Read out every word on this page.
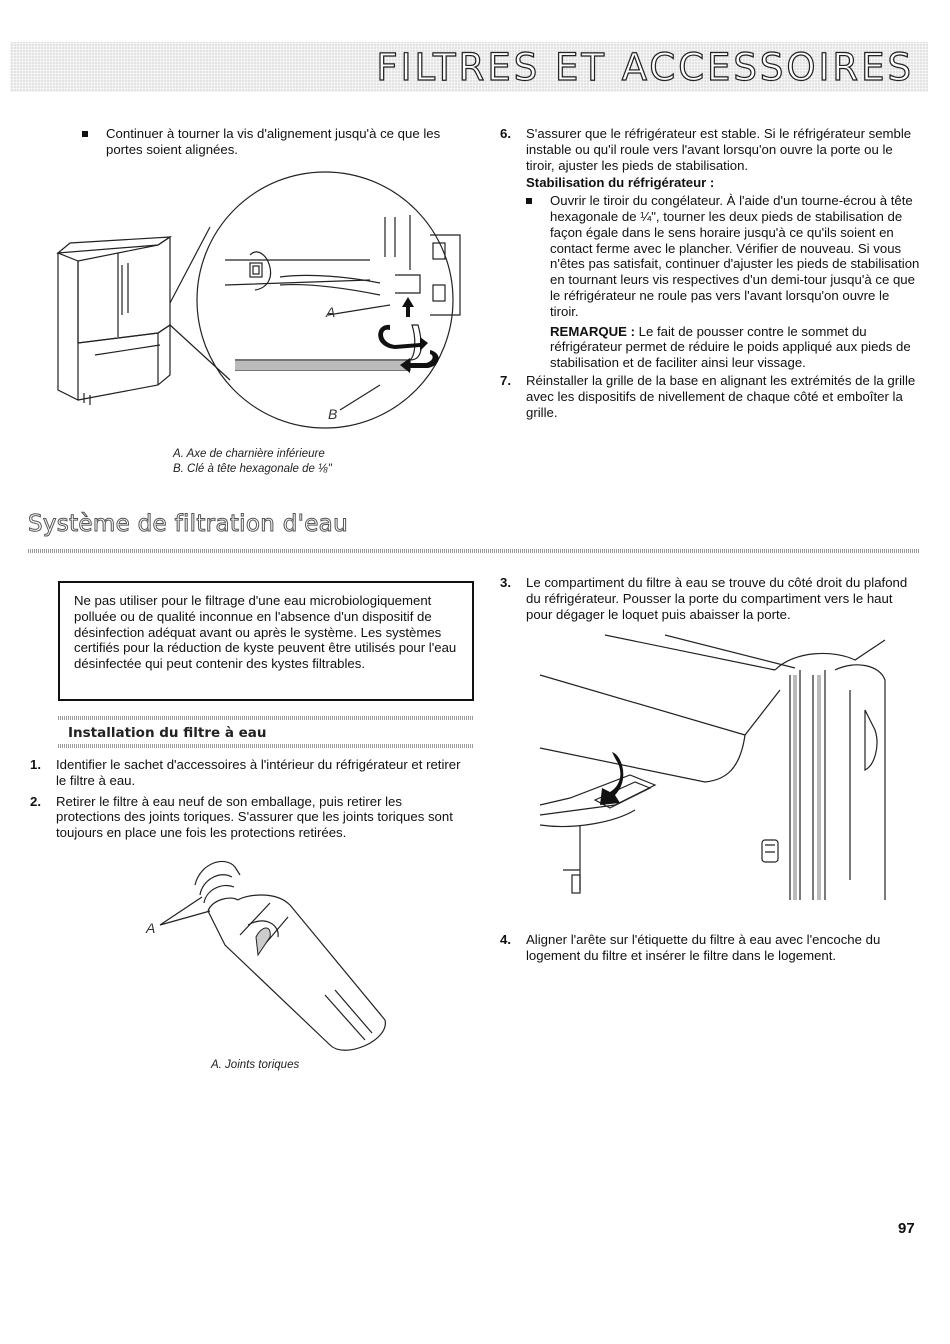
FILTRES ET ACCESSOIRES

Continuer à tourner la vis d'alignement jusqu'à ce que les portes soient alignées.

A
B

A. Axe de charnière inférieure

B. Clé à tête hexagonale de ⅛"

6. S'assurer que le réfrigérateur est stable. Si le réfrigérateur semble instable ou qu'il roule vers l'avant lorsqu'on ouvre la porte ou le tiroir, ajuster les pieds de stabilisation.

Stabilisation du réfrigérateur :

Ouvrir le tiroir du congélateur. À l'aide d'un tourne-écrou à tête hexagonale de ¼", tourner les deux pieds de stabilisation de façon égale dans le sens horaire jusqu'à ce qu'ils soient en contact ferme avec le plancher. Vérifier de nouveau. Si vous n'êtes pas satisfait, continuer d'ajuster les pieds de stabilisation en tournant leurs vis respectives d'un demi-tour jusqu'à ce que le réfrigérateur ne roule pas vers l'avant lorsqu'on ouvre le tiroir.

REMARQUE : Le fait de pousser contre le sommet du réfrigérateur permet de réduire le poids appliqué aux pieds de stabilisation et de faciliter ainsi leur vissage.

7. Réinstaller la grille de la base en alignant les extrémités de la grille avec les dispositifs de nivellement de chaque côté et emboîter la grille.

Système de filtration d'eau

Ne pas utiliser pour le filtrage d'une eau microbiologiquement polluée ou de qualité inconnue en l'absence d'un dispositif de désinfection adéquat avant ou après le système. Les systèmes certifiés pour la réduction de kyste peuvent être utilisés pour l'eau désinfectée qui peut contenir des kystes filtrables.

Installation du filtre à eau
1. Identifier le sachet d'accessoires à l'intérieur du réfrigérateur et retirer le filtre à eau.

2. Retirer le filtre à eau neuf de son emballage, puis retirer les protections des joints toriques. S'assurer que les joints toriques sont toujours en place une fois les protections retirées.

A
A. Joints toriques
3. Le compartiment du filtre à eau se trouve du côté droit du plafond du réfrigérateur. Pousser la porte du compartiment vers le haut pour dégager le loquet puis abaisser la porte.

4. Aligner l'arête sur l'étiquette du filtre à eau avec l'encoche du logement du filtre et insérer le filtre dans le logement.

97
